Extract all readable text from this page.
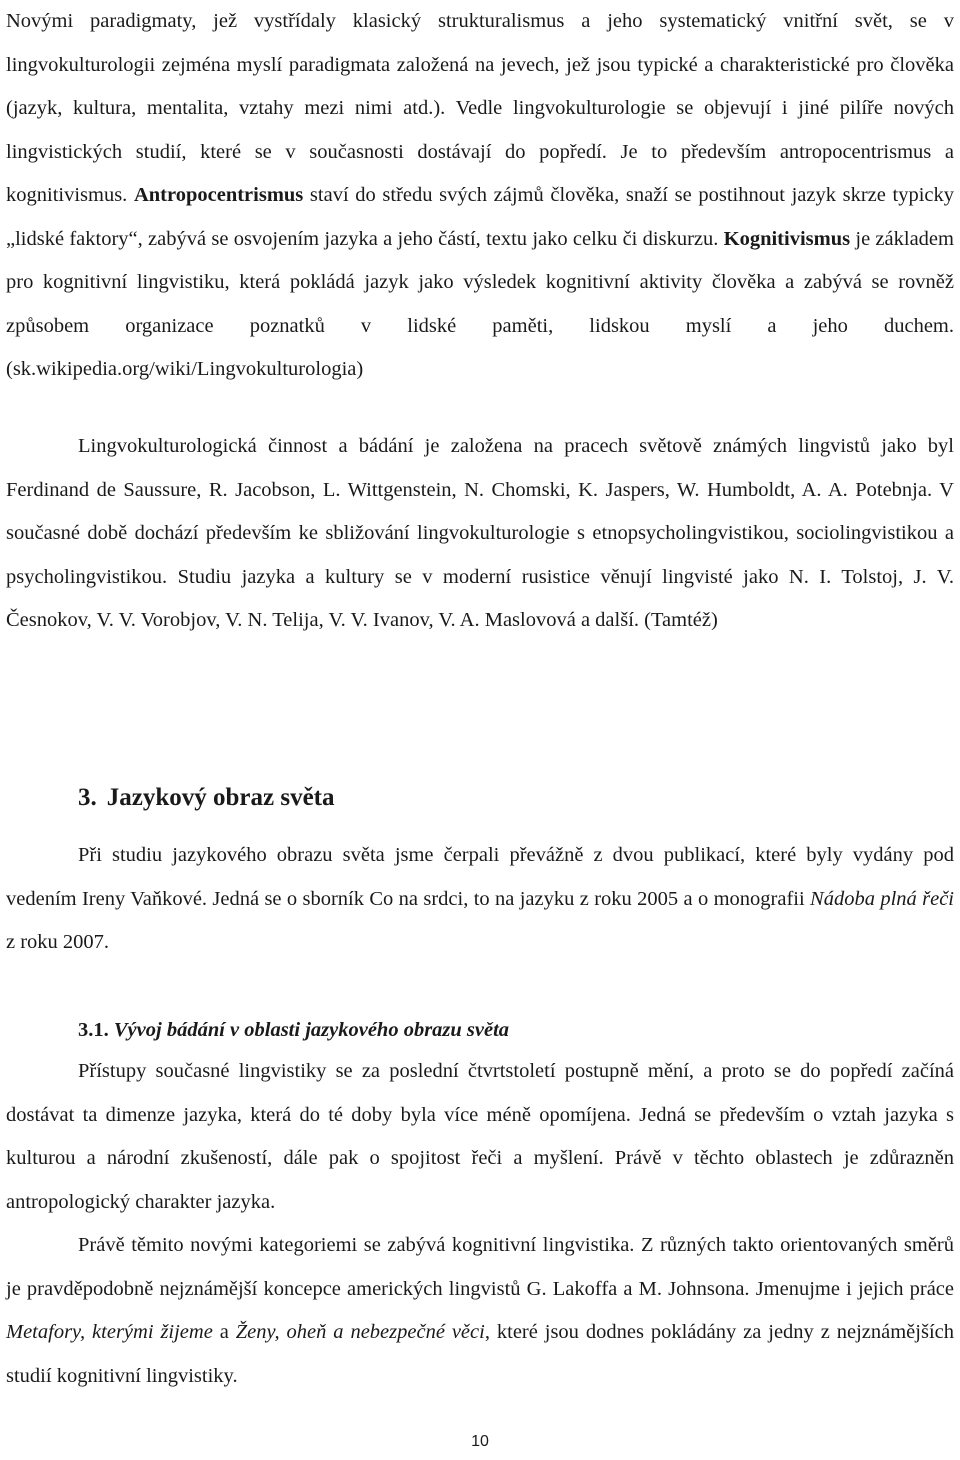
Novými paradigmaty, jež vystřídaly klasický strukturalismus a jeho systematický vnitřní svět, se v lingvokulturologii zejména myslí paradigmata založená na jevech, jež jsou typické a charakteristické pro člověka (jazyk, kultura, mentalita, vztahy mezi nimi atd.). Vedle lingvokulturologie se objevují i jiné pilíře nových lingvistických studií, které se v současnosti dostávají do popředí. Je to především antropocentrismus a kognitivismus. Antropocentrismus staví do středu svých zájmů člověka, snaží se postihnout jazyk skrze typicky „lidské faktory“, zabývá se osvojením jazyka a jeho částí, textu jako celku či diskurzu. Kognitivismus je základem pro kognitivní lingvistiku, která pokládá jazyk jako výsledek kognitivní aktivity člověka a zabývá se rovněž způsobem organizace poznatků v lidské paměti, lidskou myslí a jeho duchem. (sk.wikipedia.org/wiki/Lingvokulturologia)

Lingvokulturologická činnost a bádání je založena na pracech světově známých lingvistů jako byl Ferdinand de Saussure, R. Jacobson, L. Wittgenstein, N. Chomski, K. Jaspers, W. Humboldt, A. A. Potebnja. V současné době dochází především ke sbližování lingvokulturologie s etnopsycholingvistikou, sociolingvistikou a psycholingvistikou. Studiu jazyka a kultury se v moderní rusistice věnují lingvisté jako N. I. Tolstoj, J. V. Česnokov, V. V. Vorobjov, V. N. Telija, V. V. Ivanov, V. A. Maslovová a další. (Tamtéž)

3. Jazykový obraz světa

Při studiu jazykového obrazu světa jsme čerpali převážně z dvou publikací, které byly vydány pod vedením Ireny Vaňkové. Jedná se o sborník Co na srdci, to na jazyku z roku 2005 a o monografii Nádoba plná řeči z roku 2007.

3.1. Vývoj bádání v oblasti jazykového obrazu světa

Přístupy současné lingvistiky se za poslední čtvrtstoletí postupně mění, a proto se do popředí začíná dostávat ta dimenze jazyka, která do té doby byla více méně opomíjena. Jedná se především o vztah jazyka s kulturou a národní zkušeností, dále pak o spojitost řeči a myšlení. Právě v těchto oblastech je zdůrazněn antropologický charakter jazyka.

Právě těmito novými kategoriemi se zabývá kognitivní lingvistika. Z různých takto orientovaných směrů je pravděpodobně nejznámější koncepce amerických lingvistů G. Lakoffa a M. Johnsona. Jmenujme i jejich práce Metafory, kterými žijeme a Ženy, oheň a nebezpečné věci, které jsou dodnes pokládány za jedny z nejznámějších studií kognitivní lingvistiky.

10
